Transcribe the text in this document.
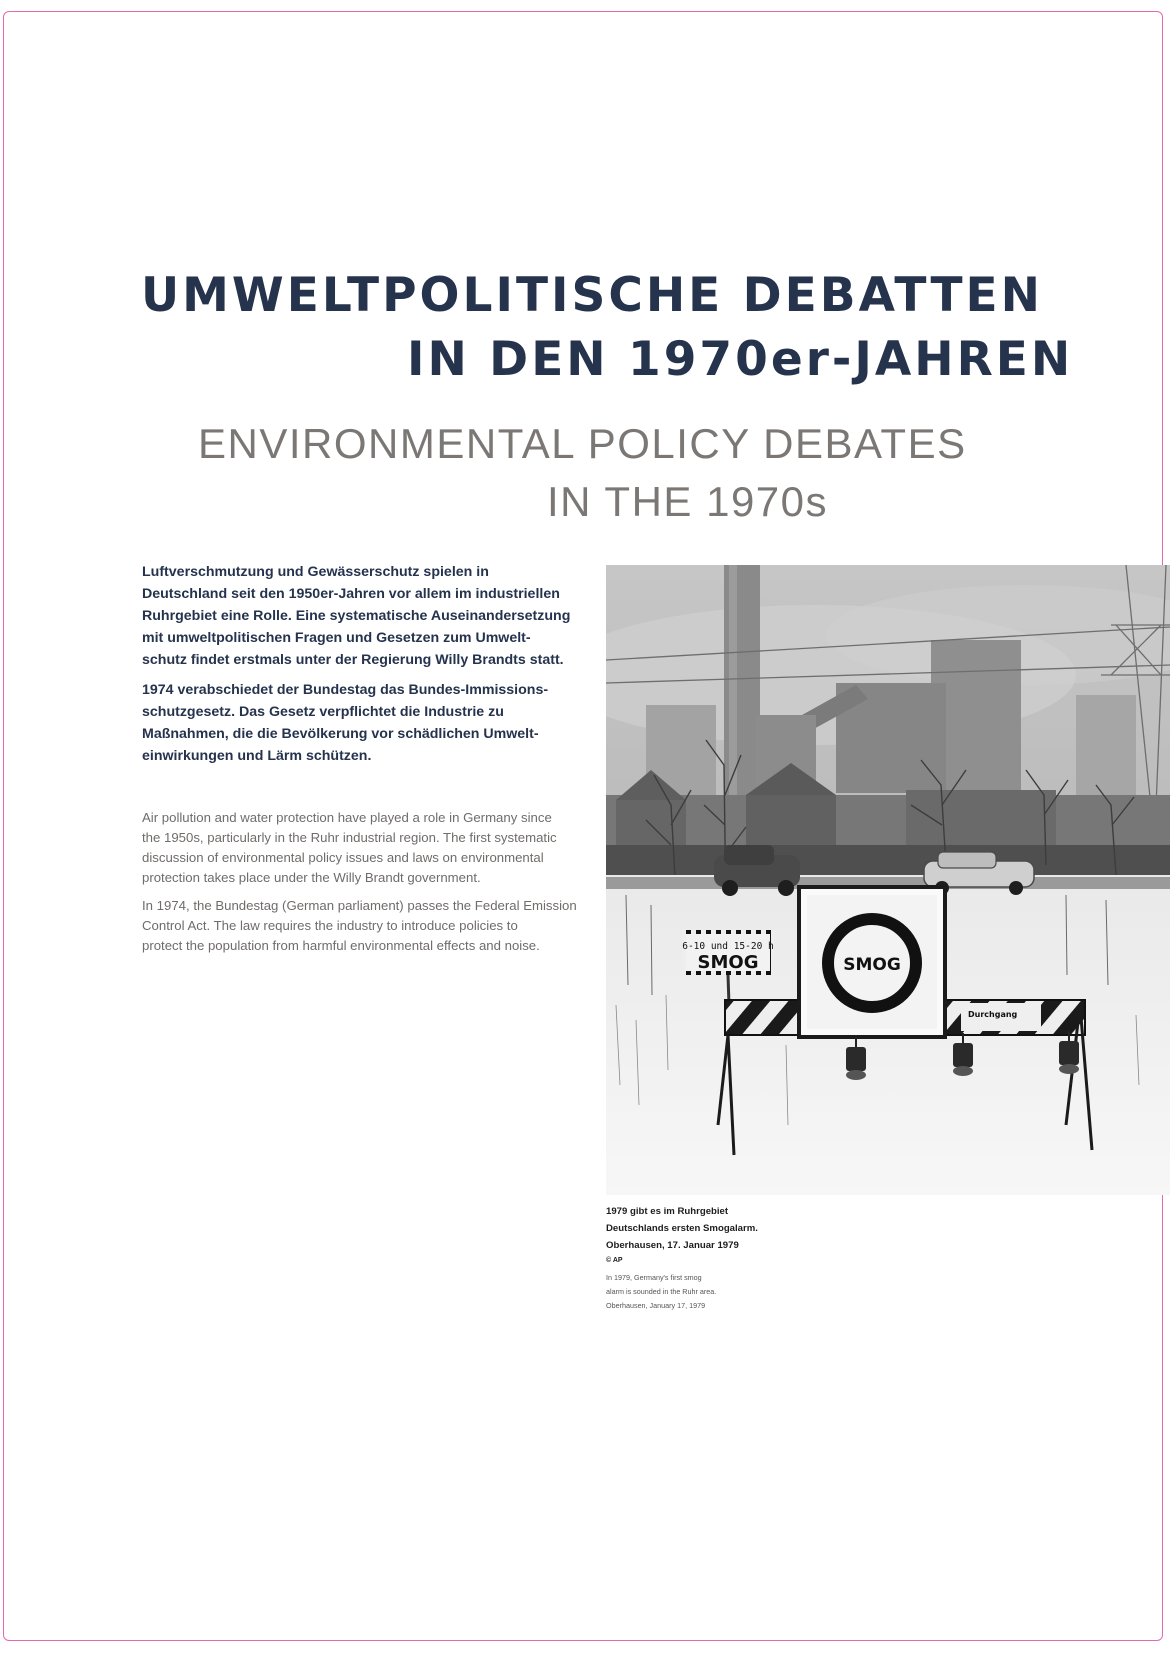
UMWELTPOLITISCHE DEBATTEN
IN DEN 1970er-JAHREN
ENVIRONMENTAL POLICY DEBATES
IN THE 1970s

Luftverschmutzung und Gewässerschutz spielen in
Deutschland seit den 1950er-Jahren vor allem im industriellen
Ruhrgebiet eine Rolle. Eine systematische Auseinandersetzung
mit umweltpolitischen Fragen und Gesetzen zum Umwelt-
schutz findet erstmals unter der Regierung Willy Brandts statt.

1974 verabschiedet der Bundestag das Bundes-Immissions-
schutzgesetz. Das Gesetz verpflichtet die Industrie zu
Maßnahmen, die die Bevölkerung vor schädlichen Umwelt-
einwirkungen und Lärm schützen.

Air pollution and water protection have played a role in Germany since
the 1950s, particularly in the Ruhr industrial region. The first systematic
discussion of environmental policy issues and laws on environmental
protection takes place under the Willy Brandt government.

In 1974, the Bundestag (German parliament) passes the Federal Emission
Control Act. The law requires the industry to introduce policies to
protect the population from harmful environmental effects and noise.	6-10 und 15-20 h
SMOG
Durchgang
SMOG
1979 gibt es im Ruhrgebiet
Deutschlands ersten Smogalarm.
Oberhausen, 17. Januar 1979
© AP
In 1979, Germany's first smog
alarm is sounded in the Ruhr area.
Oberhausen, January 17, 1979
